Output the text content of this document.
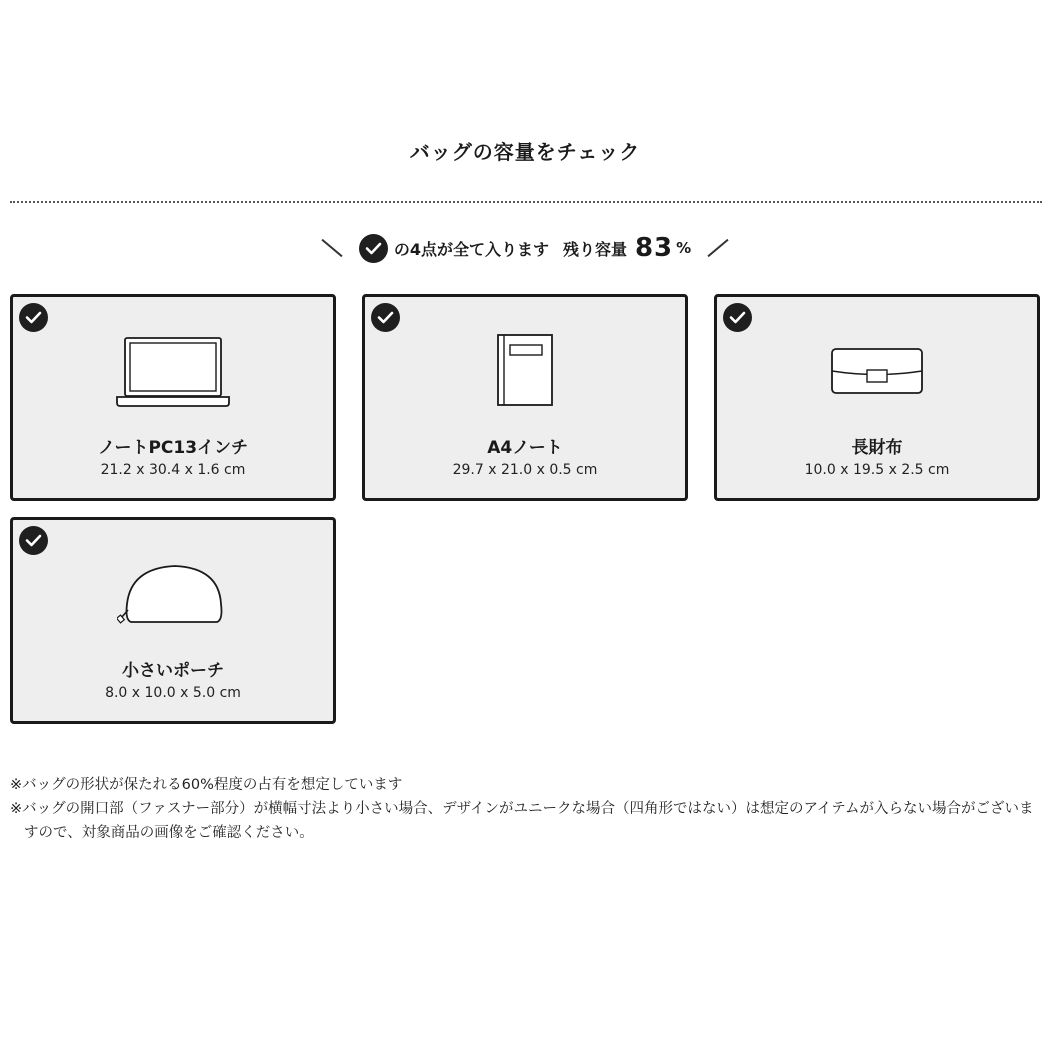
バッグの容量をチェック
の4点が全て入ります 残り容量 83 %
ノートPC13インチ
21.2 x 30.4 x 1.6 cm
A4ノート
29.7 x 21.0 x 0.5 cm
長財布
10.0 x 19.5 x 2.5 cm
小さいポーチ
8.0 x 10.0 x 5.0 cm

※バッグの形状が保たれる60%程度の占有を想定しています

※バッグの開口部（ファスナー部分）が横幅寸法より小さい場合、デザインがユニークな場合（四角形ではない）は想定のアイテムが入らない場合がございますので、対象商品の画像をご確認ください。
